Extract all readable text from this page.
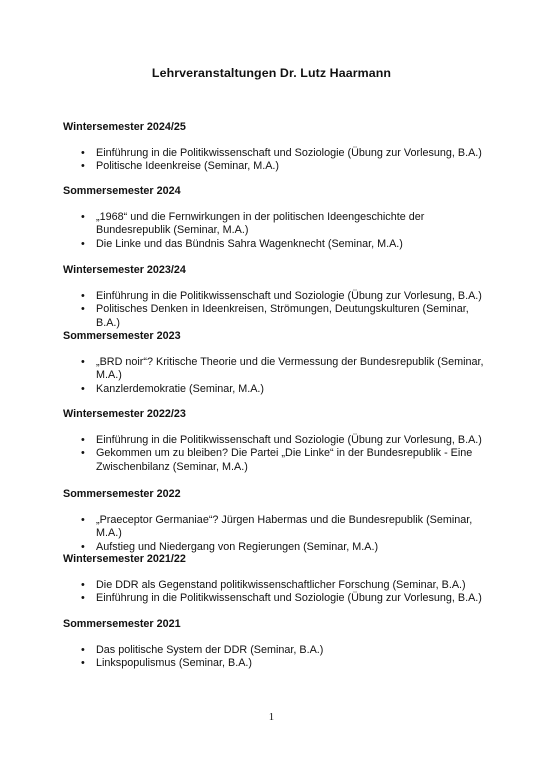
Lehrveranstaltungen Dr. Lutz Haarmann
Wintersemester 2024/25
• Einführung in die Politikwissenschaft und Soziologie (Übung zur Vorlesung, B.A.)
• Politische Ideenkreise (Seminar, M.A.)
Sommersemester 2024
• „1968“ und die Fernwirkungen in der politischen Ideengeschichte der Bundesrepublik (Seminar, M.A.)
• Die Linke und das Bündnis Sahra Wagenknecht (Seminar, M.A.)
Wintersemester 2023/24
• Einführung in die Politikwissenschaft und Soziologie (Übung zur Vorlesung, B.A.)
• Politisches Denken in Ideenkreisen, Strömungen, Deutungskulturen (Seminar, B.A.)
Sommersemester 2023
• „BRD noir“? Kritische Theorie und die Vermessung der Bundesrepublik (Seminar, M.A.)
• Kanzlerdemokratie (Seminar, M.A.)
Wintersemester 2022/23
• Einführung in die Politikwissenschaft und Soziologie (Übung zur Vorlesung, B.A.)
• Gekommen um zu bleiben? Die Partei „Die Linke“ in der Bundesrepublik - Eine Zwischenbilanz (Seminar, M.A.)
Sommersemester 2022
• „Praeceptor Germaniae“? Jürgen Habermas und die Bundesrepublik (Seminar, M.A.)
• Aufstieg und Niedergang von Regierungen (Seminar, M.A.)
Wintersemester 2021/22
• Die DDR als Gegenstand politikwissenschaftlicher Forschung (Seminar, B.A.)
• Einführung in die Politikwissenschaft und Soziologie (Übung zur Vorlesung, B.A.)
Sommersemester 2021
• Das politische System der DDR (Seminar, B.A.)
• Linkspopulismus (Seminar, B.A.)
1
